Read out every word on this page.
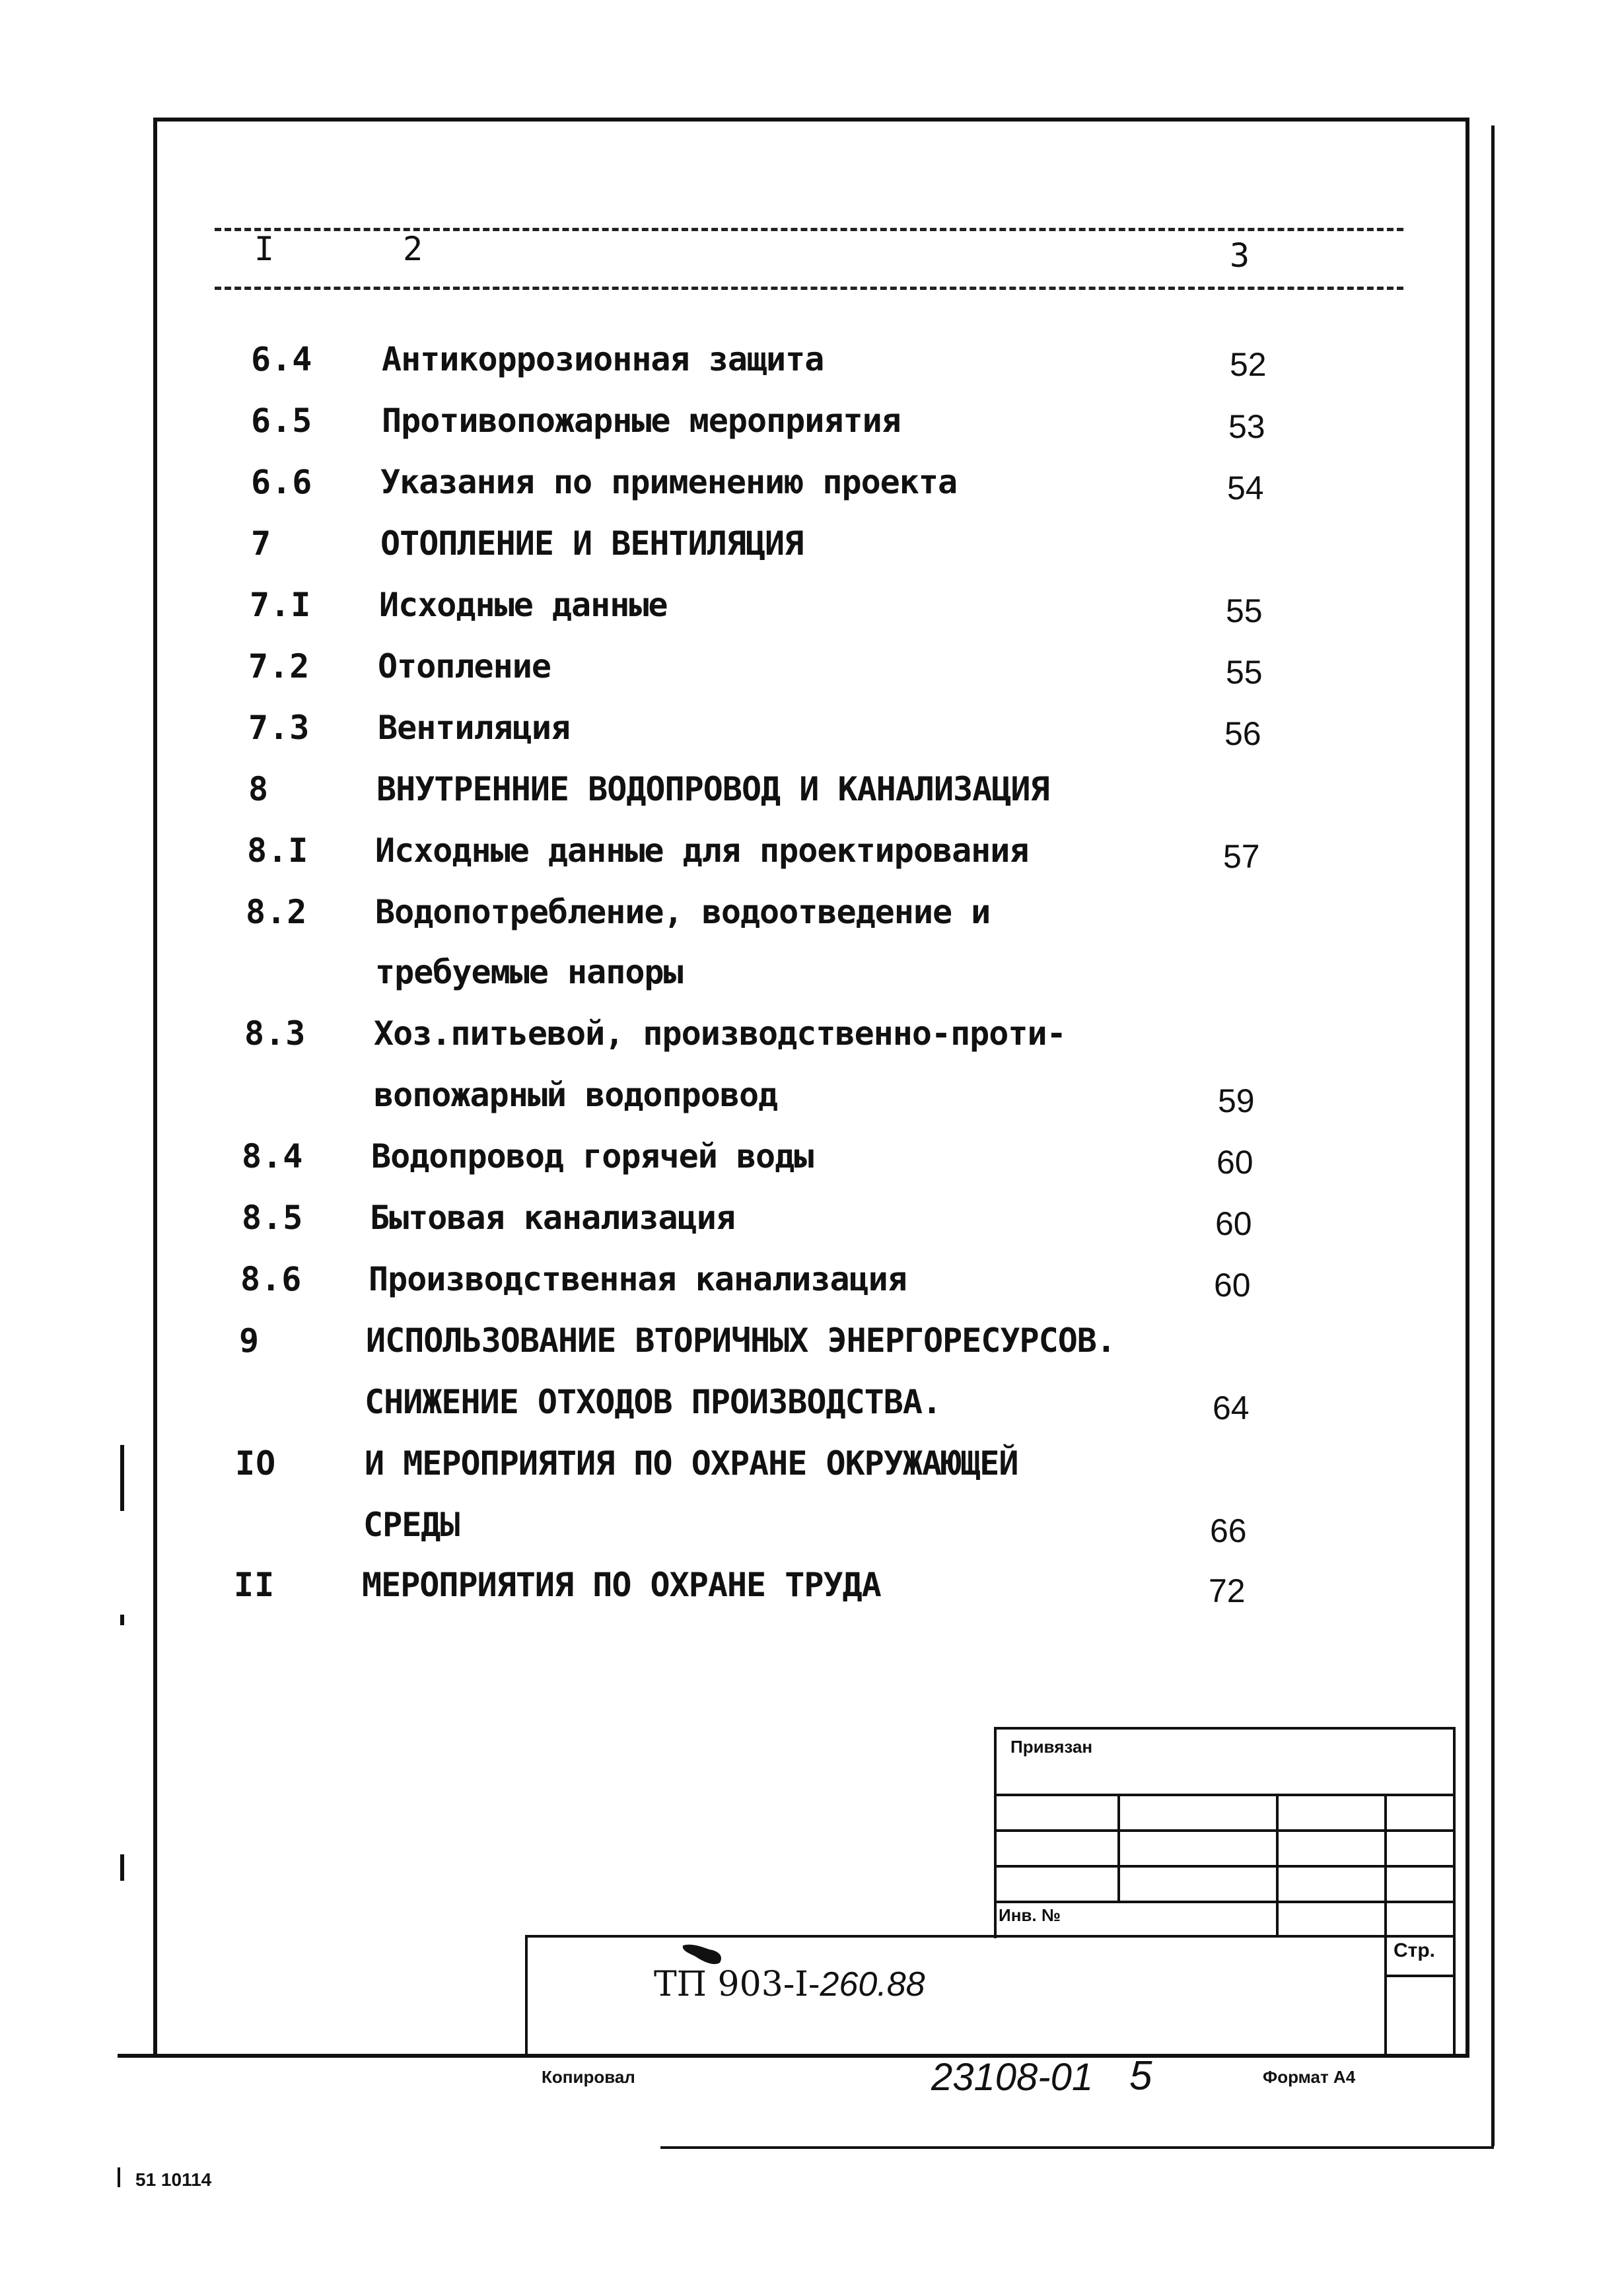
I	2	3
6.4 Антикоррозионная защита	52
6.5 Противопожарные мероприятия	53
6.6 Указания по применению проекта	54
7	ОТОПЛЕНИЕ И ВЕНТИЛЯЦИЯ
7.I Исходные данные	55
7.2 Отопление	55
7.3 Вентиляция	56
8	ВНУТРЕННИЕ ВОДОПРОВОД И КАНАЛИЗАЦИЯ
8.I Исходные данные для проектирования	57
8.2 Водопотребление, водоотведение и
требуемые напоры
8.3 Хоз.питьевой, производственно-проти-
вопожарный водопровод	59
8.4 Водопровод горячей воды	60
8.5 Бытовая канализация	60
8.6 Производственная канализация	60
9	ИСПОЛЬЗОВАНИЕ ВТОРИЧНЫХ ЭНЕРГОРЕСУРСОВ.
СНИЖЕНИЕ ОТХОДОВ ПРОИЗВОДСТВА.	64
IO	И МЕРОПРИЯТИЯ ПО ОХРАНЕ ОКРУЖАЮЩЕЙ
СРЕДЫ	66
II	МЕРОПРИЯТИЯ ПО ОХРАНЕ ТРУДА	72
Привязан
Инв. №
Стр.
ТП 903-I-260.88
Копировал	23108-01 5	Формат А4
51 10114
